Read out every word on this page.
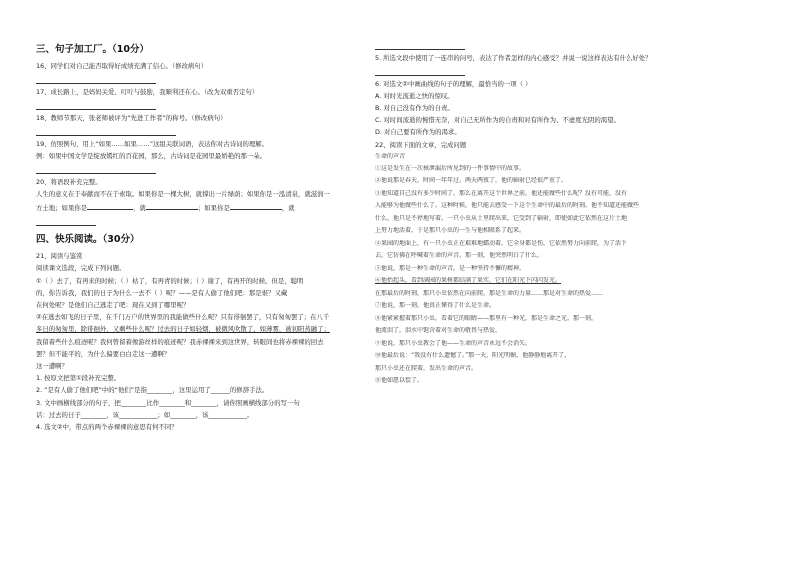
三、句子加工厂。（10分）
16、同学们对自己能否取得好成绩充满了信心。（修改病句）
17、成长路上，是妈妈关爱、叮咛与鼓励，我顺利还在心。（改为双重否定句）
18、教师节那天，张老师被评为“先进工作者”的称号。（修改病句）
19、仿照例句，用上“如果……如果……”这组关联词语，表达你对古诗词的理解。
例：如果中国文学是绽放嫣红的百花园，那么，古诗词是花园里最娇艳的那一朵。
20、将语段补充完整。
人生的意义在于奉献而不在于索取。如果你是一棵大树，就撑出一片绿荫；如果你是一泓清泉，就滋润一
方土地；如果你是	，就	；如果你是	，就
四、快乐阅读。（30分）
21、阅读与鉴赏
阅读课文选段，完成下列问题。
①（ ）去了，有再来的时候；（ ）枯了，有再青的时候；（ ）谢了，有再开的时候。但是，聪明
的，你告诉我，我们的日子为什么一去不（ ）呢？——是有人偷了他们吧：那是谁？又藏
在何处呢？是他们自己逃走了吧：现在又到了哪里呢？
②在逃去如飞的日子里，在千门万户的世界里的我能做些什么呢？只有徘徊罢了，只有匆匆罢了；在八千
多日的匆匆里，除徘徊外，又剩些什么呢？过去的日子如轻烟，被微风吹散了，如薄雾，被初阳蒸融了；
我留着些什么痕迹呢？我何曾留着像游丝样的痕迹呢？我赤裸裸来到这世界，转眼间也将赤裸裸的回去
罢？但不能平的，为什么偏要白白走这一遭啊？
这一遭啊？
1. 按原文把第①段补充完整。
2. “是有人偷了他们吧”中的“他们”是指________，这里运用了______的修辞手法。
3. 文中画横线部分的句子，把________比作________和________，请你照画横线部分的写一句
话：过去的日子________，该____________；如________，该____________。
4. 选文②中，带点的两个赤裸裸的意思有何不同？
5. 所选文段中使用了一连串的问号，表达了作者怎样的内心感受？并说一说这样表达有什么好处？
6. 对选文②中画曲线的句子的理解，最恰当的一项（ ）
A. 对时光流逝之快的惊叹。
B. 对自己没有作为的自责。
C. 对时间流逝的惋惜无奈，对自己无所作为的自责和对有所作为、不虚度光阴的渴望。
D. 对自己要有所作为的渴求。
22、阅读下面的文章，完成问题
生命的声音
①这是发生在一次核泄漏后所见到的一件事情中的故事。
②他说那是春天，时间一年年过。两天两夜了，他的辐射已经很严重了。
③他知道自己没有多少时间了，那么在离开这个世界之前，他还能做些什么呢？没有可能，没有
人能够为他做些什么了。这种时候，他只能去感受一下这个生命中的最后的时刻。他不知道还能做些
什么，他只是不停地写着。一只小虫从土里爬出来，它受到了辐射，即使如此它依然在这片土地
上努力地活着，于是那只小虫的一生与他相联系了起来。
④果园的地面上，有一只小虫正在艰难地蠕动着。它全身都是伤，它依然努力向前爬，为了活下
去。它仿佛在呼喊着生命的声音。那一刻，他突然明白了什么。
⑤他说，那是一种生命的声音，是一种坚持不懈的精神。
⑥他抬起头，看到满园的果树都结满了果实，它们在阳光下闪闪发光。
在那最后的时刻，那只小虫依然在向前爬，那是生命的力量……那是对生命的热爱……
⑦他说，那一刻，他真正懂得了什么是生命。
⑧他紧紧握着那只小虫，看着它的眼睛——那里有一种光，那是生命之光。那一刻，
他流泪了，泪水中饱含着对生命的敬畏与热爱。
⑨他说，那只小虫教会了他——生命的声音永远不会消失。
⑩他最后说：“我没有什么遗憾了。”那一天，阳光明媚，他静静地离开了，
那只小虫还在爬着，发出生命的声音。
⑪他如愿以偿了。
